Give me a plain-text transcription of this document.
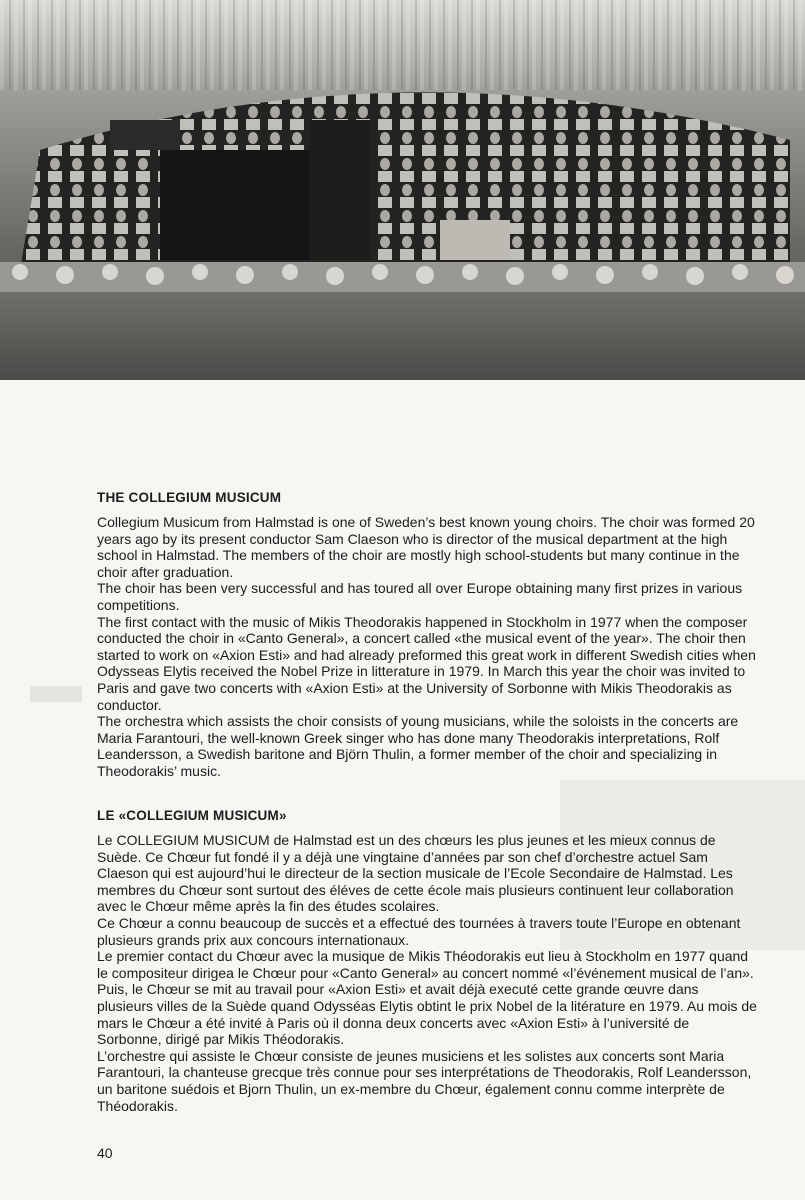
▬
THE COLLEGIUM MUSICUM

Collegium Musicum from Halmstad is one of Sweden’s best known young choirs. The choir was formed 20 years ago by its present conductor Sam Claeson who is director of the musical department at the high school in Halmstad. The members of the choir are mostly high school-students but many continue in the choir after graduation.

The choir has been very successful and has toured all over Europe obtaining many first prizes in various competitions.

The first contact with the music of Mikis Theodorakis happened in Stockholm in 1977 when the composer conducted the choir in «Canto General», a concert called «the musical event of the year». The choir then started to work on «Axion Esti» and had already preformed this great work in different Swedish cities when Odysseas Elytis received the Nobel Prize in litterature in 1979. In March this year the choir was invited to Paris and gave two concerts with «Axion Esti» at the University of Sorbonne with Mikis Theodorakis as conductor.

The orchestra which assists the choir consists of young musicians, while the soloists in the concerts are Maria Farantouri, the well-known Greek singer who has done many Theodorakis interpretations, Rolf Leandersson, a Swedish baritone and Björn Thulin, a former member of the choir and specializing in Theodorakis’ music.

LE «COLLEGIUM MUSICUM»

Le COLLEGIUM MUSICUM de Halmstad est un des chœurs les plus jeunes et les mieux connus de Suède. Ce Chœur fut fondé il y a déjà une vingtaine d’années par son chef d’orchestre actuel Sam Claeson qui est aujourd’hui le directeur de la section musicale de l’Ecole Secondaire de Halmstad. Les membres du Chœur sont surtout des éléves de cette école mais plusieurs continuent leur collaboration avec le Chœur même après la fin des études scolaires.

Ce Chœur a connu beaucoup de succès et a effectué des tournées à travers toute l’Europe en obtenant plusieurs grands prix aux concours internationaux.

Le premier contact du Chœur avec la musique de Mikis Théodorakis eut lieu à Stockholm en 1977 quand le compositeur dirigea le Chœur pour «Canto General» au concert nommé «l’événement musical de l’an». Puis, le Chœur se mit au travail pour «Axion Esti» et avait déjà executé cette grande œuvre dans plusieurs villes de la Suède quand Odysséas Elytis obtint le prix Nobel de la litérature en 1979. Au mois de mars le Chœur a été invité à Paris où il donna deux concerts avec «Axion Esti» à l’université de Sorbonne, dirigé par Mikis Théodorakis.

L’orchestre qui assiste le Chœur consiste de jeunes musiciens et les solistes aux concerts sont Maria Farantouri, la chanteuse grecque très connue pour ses interprétations de Theodorakis, Rolf Leandersson, un baritone suédois et Bjorn Thulin, un ex-membre du Chœur, également connu comme interprète de Théodorakis.

40
